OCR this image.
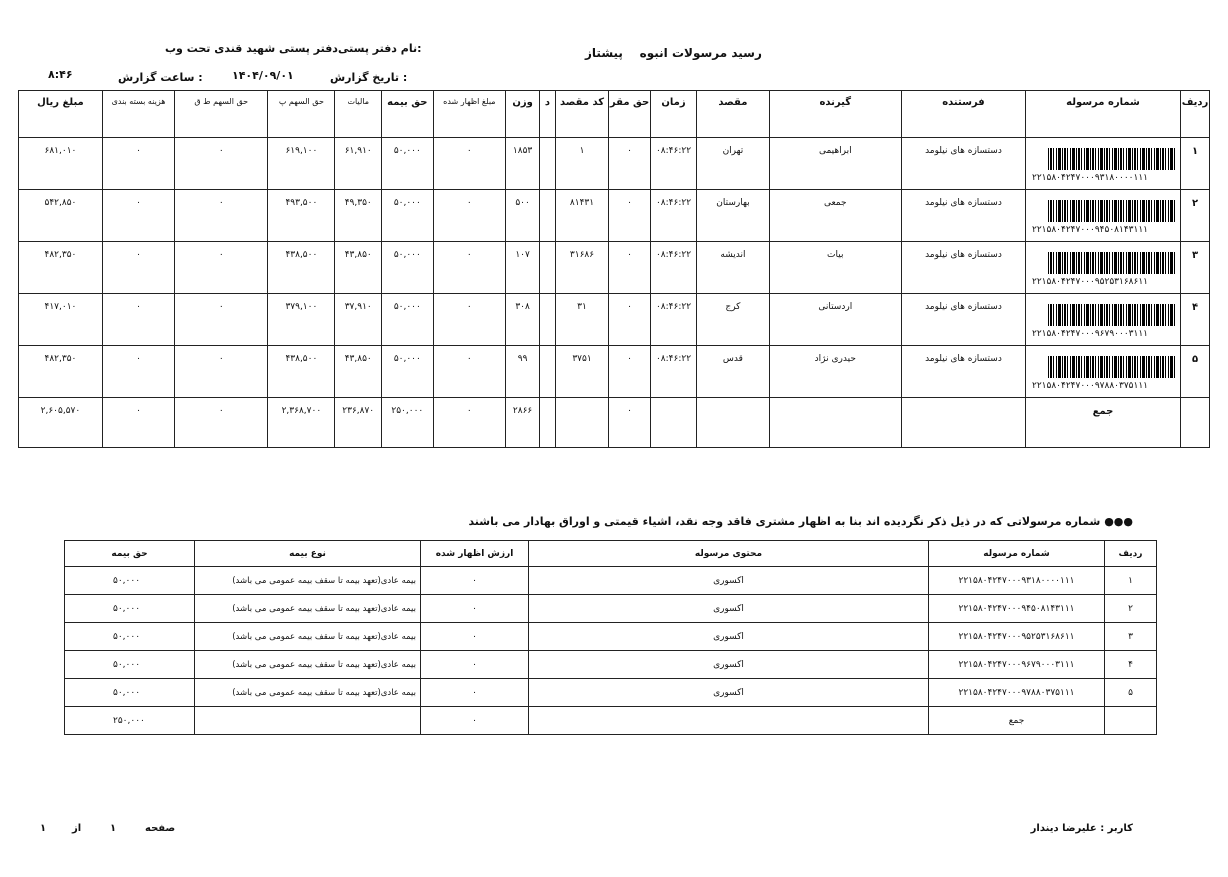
رسید مرسولات انبوه    پیشتاز
نام دفتر پستی:
دفتر پستی شهید قندی تحت وب
تاریخ گزارش :
۱۴۰۴/۰۹/۰۱
ساعت گزارش :
۸:۴۶
ردیف	شماره مرسوله	فرستنده	گیرنده	مقصد	زمان	حق مقر	کد مقصد	د	وزن	مبلغ اظهار شده	حق بیمه	مالیات	حق السهم پ	حق السهم ط ق	هزینه بسته بندی	مبلغ ریال
۱	۲۲۱۵۸۰۴۲۴۷۰۰۰۹۳۱۸۰۰۰۰۱۱۱	دستساز‌ه های نیلومد	ابراهیمی	تهران	۰۸:۴۶:۲۲	۰	۱		۱۸۵۳	۰	۵۰,۰۰۰	۶۱,۹۱۰	۶۱۹,۱۰۰	۰	۰	۶۸۱,۰۱۰
۲	۲۲۱۵۸۰۴۲۴۷۰۰۰۹۴۵۰۸۱۴۳۱۱۱	دستساز‌ه های نیلومد	جمعی	بهارستان	۰۸:۴۶:۲۲	۰	۸۱۴۳۱		۵۰۰	۰	۵۰,۰۰۰	۴۹,۳۵۰	۴۹۳,۵۰۰	۰	۰	۵۴۲,۸۵۰
۳	۲۲۱۵۸۰۴۲۴۷۰۰۰۹۵۲۵۳۱۶۸۶۱۱	دستساز‌ه های نیلومد	بیات	اندیشه	۰۸:۴۶:۲۲	۰	۳۱۶۸۶		۱۰۷	۰	۵۰,۰۰۰	۴۳,۸۵۰	۴۳۸,۵۰۰	۰	۰	۴۸۲,۳۵۰
۴	۲۲۱۵۸۰۴۲۴۷۰۰۰۹۶۷۹۰۰۰۳۱۱۱	دستساز‌ه های نیلومد	اردستانی	کرج	۰۸:۴۶:۲۲	۰	۳۱		۳۰۸	۰	۵۰,۰۰۰	۳۷,۹۱۰	۳۷۹,۱۰۰	۰	۰	۴۱۷,۰۱۰
۵	۲۲۱۵۸۰۴۲۴۷۰۰۰۹۷۸۸۰۳۷۵۱۱۱	دستساز‌ه های نیلومد	حیدری نژاد	قدس	۰۸:۴۶:۲۲	۰	۳۷۵۱		۹۹	۰	۵۰,۰۰۰	۴۳,۸۵۰	۴۳۸,۵۰۰	۰	۰	۴۸۲,۳۵۰
	جمع					۰			۲۸۶۶	۰	۲۵۰,۰۰۰	۲۳۶,۸۷۰	۲,۳۶۸,۷۰۰	۰	۰	۲,۶۰۵,۵۷۰
●●● شماره مرسولاتی که در ذیل ذکر نگردیده اند بنا به اظهار مشتری فاقد وجه نقد، اشیاء قیمتی و اوراق بهادار می باشند
ردیف	شماره مرسوله	محتوی مرسوله	ارزش اظهار شده	نوع بیمه	حق بیمه
۱	۲۲۱۵۸۰۴۲۴۷۰۰۰۹۳۱۸۰۰۰۰۱۱۱	اکسوری	۰	بیمه عادی(تعهد بیمه تا سقف بیمه عمومی می باشد)	۵۰,۰۰۰
۲	۲۲۱۵۸۰۴۲۴۷۰۰۰۹۴۵۰۸۱۴۳۱۱۱	اکسوری	۰	بیمه عادی(تعهد بیمه تا سقف بیمه عمومی می باشد)	۵۰,۰۰۰
۳	۲۲۱۵۸۰۴۲۴۷۰۰۰۹۵۲۵۳۱۶۸۶۱۱	اکسوری	۰	بیمه عادی(تعهد بیمه تا سقف بیمه عمومی می باشد)	۵۰,۰۰۰
۴	۲۲۱۵۸۰۴۲۴۷۰۰۰۹۶۷۹۰۰۰۳۱۱۱	اکسوری	۰	بیمه عادی(تعهد بیمه تا سقف بیمه عمومی می باشد)	۵۰,۰۰۰
۵	۲۲۱۵۸۰۴۲۴۷۰۰۰۹۷۸۸۰۳۷۵۱۱۱	اکسوری	۰	بیمه عادی(تعهد بیمه تا سقف بیمه عمومی می باشد)	۵۰,۰۰۰
	جمع		۰		۲۵۰,۰۰۰
کاربر : علیرضا دیندار
صفحه
۱
از
۱
